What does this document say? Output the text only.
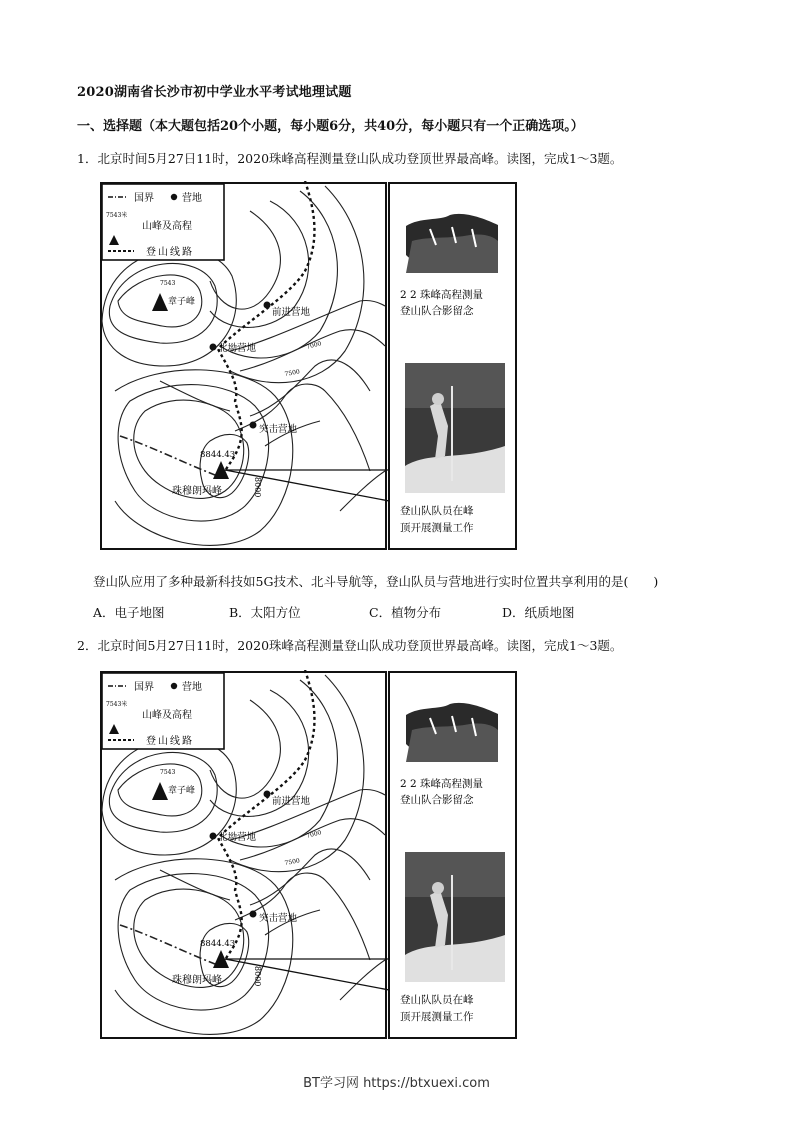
2020湖南省长沙市初中学业水平考试地理试题
一、选择题（本大题包括20个小题，每小题6分，共40分，每小题只有一个正确选项。）
1．北京时间5月27日11时，2020珠峰高程测量登山队成功登顶世界最高峰。读图，完成1～3题。
国界	营地
7543米
山峰及高程
登山线路
7543
章子峰
前进营地
北坳营地
突击营地
7000
7500
8000
8844.43
珠穆朗玛峰
2 2 珠峰高程测量
登山队合影留念
登山队队员在峰
顶开展测量工作
登山队应用了多种最新科技如5G技术、北斗导航等，登山队员与营地进行实时位置共享利用的是(　　)
A．电子地图	B．太阳方位	C．植物分布	D．纸质地图
2．北京时间5月27日11时，2020珠峰高程测量登山队成功登顶世界最高峰。读图，完成1～3题。
国界	营地
7543米
山峰及高程
登山线路
7543
章子峰
前进营地
北坳营地
突击营地
7000
7500
8000
8844.43
珠穆朗玛峰
2 2 珠峰高程测量
登山队合影留念
登山队队员在峰
顶开展测量工作
BT学习网 https://btxuexi.com
